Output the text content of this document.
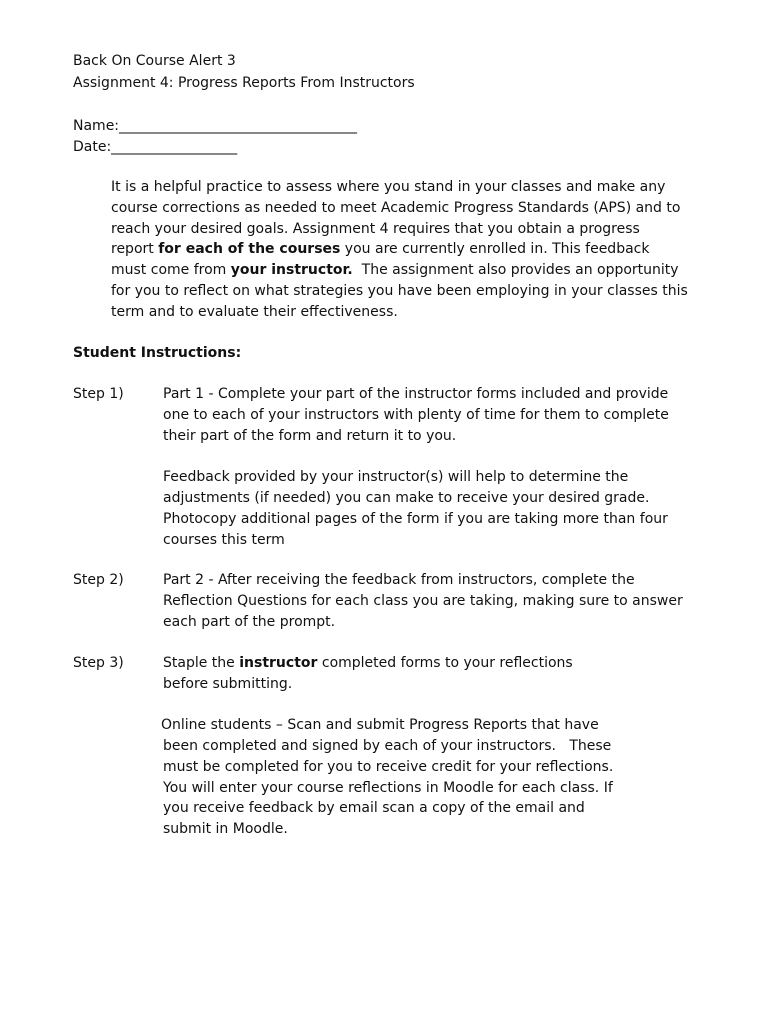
Back On Course Alert 3
Assignment 4: Progress Reports From Instructors
Name:__________________________________
Date:__________________
It is a helpful practice to assess where you stand in your classes and make any
course corrections as needed to meet Academic Progress Standards (APS) and to
reach your desired goals. Assignment 4 requires that you obtain a progress
report for each of the courses you are currently enrolled in. This feedback
must come from your instructor.  The assignment also provides an opportunity
for you to reflect on what strategies you have been employing in your classes this
term and to evaluate their effectiveness.
Student Instructions:
Step 1)	Part 1 - Complete your part of the instructor forms included and provide
one to each of your instructors with plenty of time for them to complete
their part of the form and return it to you.
Feedback provided by your instructor(s) will help to determine the
adjustments (if needed) you can make to receive your desired grade.
Photocopy additional pages of the form if you are taking more than four
courses this term
Step 2)	Part 2 - After receiving the feedback from instructors, complete the
Reflection Questions for each class you are taking, making sure to answer
each part of the prompt.
Step 3)	Staple the instructor completed forms to your reflections
before submitting.
Online students – Scan and submit Progress Reports that have
been completed and signed by each of your instructors.   These
must be completed for you to receive credit for your reflections.
You will enter your course reflections in Moodle for each class. If
you receive feedback by email scan a copy of the email and
submit in Moodle.
